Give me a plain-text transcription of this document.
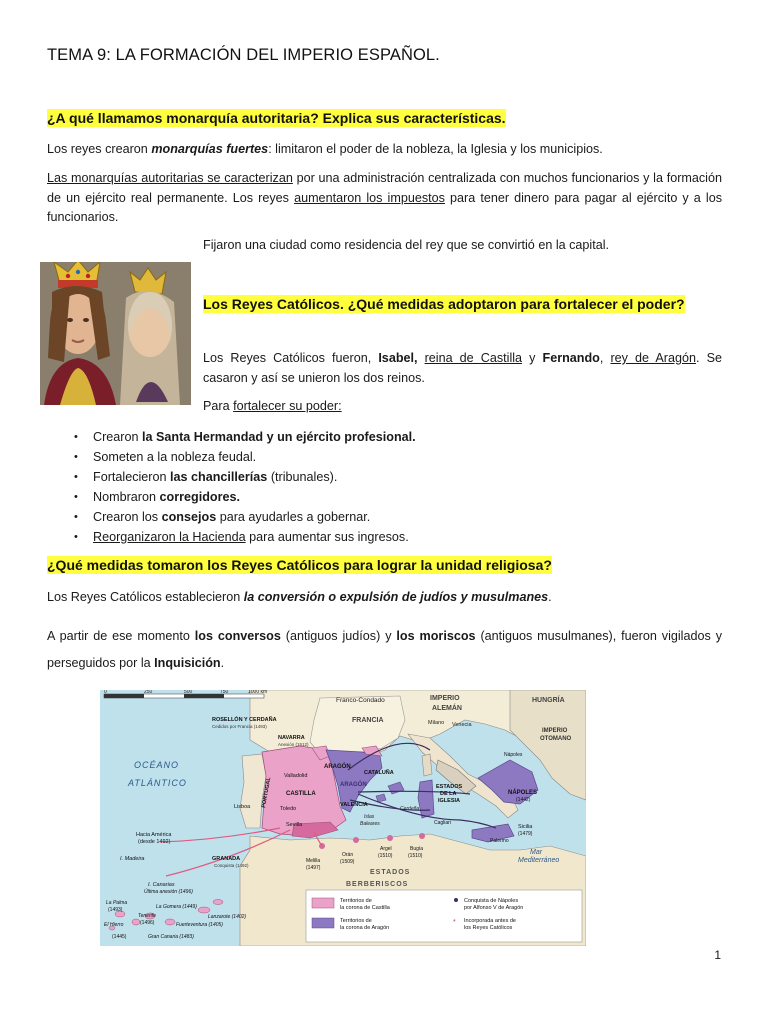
TEMA 9: LA FORMACIÓN DEL IMPERIO ESPAÑOL.
¿A qué llamamos monarquía autoritaria? Explica sus características.
Los reyes crearon monarquías fuertes: limitaron el poder de la nobleza, la Iglesia y los municipios.
Las monarquías autoritarias se caracterizan por una administración centralizada con muchos funcionarios y la formación de un ejército real permanente. Los reyes aumentaron los impuestos para tener dinero para pagar al ejército y a los funcionarios.
Fijaron una ciudad como residencia del rey que se convirtió en la capital.
Los Reyes Católicos. ¿Qué medidas adoptaron para fortalecer el poder?
Los Reyes Católicos fueron, Isabel, reina de Castilla y Fernando, rey de Aragón. Se casaron y así se unieron los dos reinos.
Para fortalecer su poder:
• Crearon la Santa Hermandad y un ejército profesional.
• Someten a la nobleza feudal.
• Fortalecieron las chancillerías (tribunales).
• Nombraron corregidores.
• Crearon los consejos para ayudarles a gobernar.
• Reorganizaron la Hacienda para aumentar sus ingresos.
¿Qué medidas tomaron los Reyes Católicos para lograr la unidad religiosa?
Los Reyes Católicos establecieron la conversión o expulsión de judíos y musulmanes.
A partir de ese momento los conversos (antiguos judíos) y los moriscos (antiguos musulmanes), fueron vigilados y perseguidos por la Inquisición.
0	250	500	750	1000 km
Franco-Condado	IMPERIO
ALEMÁN
HUNGRÍA
FRANCIA	Milano Venecia
ROSELLÓN Y CERDAÑA
Cedidos por Francia (1493)
NAVARRA
Anexión (1512)
OCÉANO
ATLÁNTICO
Valladolid
ARAGÓN
CATALUÑA
ARAGÓN
CASTILLA
Toledo
PORTUGAL
Lisboa	VALENCIA
Sevilla
ESTADOS
DE LA
IGLESIA
Cerdeña
Islas
Baleares
Nápoles
NÁPOLES
(1442)
Cagliari
Sicilia
(1479)
Palermo
IMPERIO
OTOMANO
Hacia América
(desde 1492)
I. Madeira	GRANADA
Conquista (1492)
Melilla
(1497)
Orán
(1509)
Argel
(1510)
Bugía
(1510)	Mar
Mediterráneo
I. Canarias
Última anexión (1496)
ESTADOS
BERBERISCOS
La Palma
(1493)	La Gomera (1449)
Tenerife
(1496)
Lanzarote (1402)
Fuerteventura (1405)
El Hierro
(1445)	Gran Canaria (1483)
Territorios de
la corona de Castilla
Territorios de
la corona de Aragón
Conquista de Nápoles
por Alfonso V de Aragón
* Incorporada antes de
los Reyes Católicos
1
